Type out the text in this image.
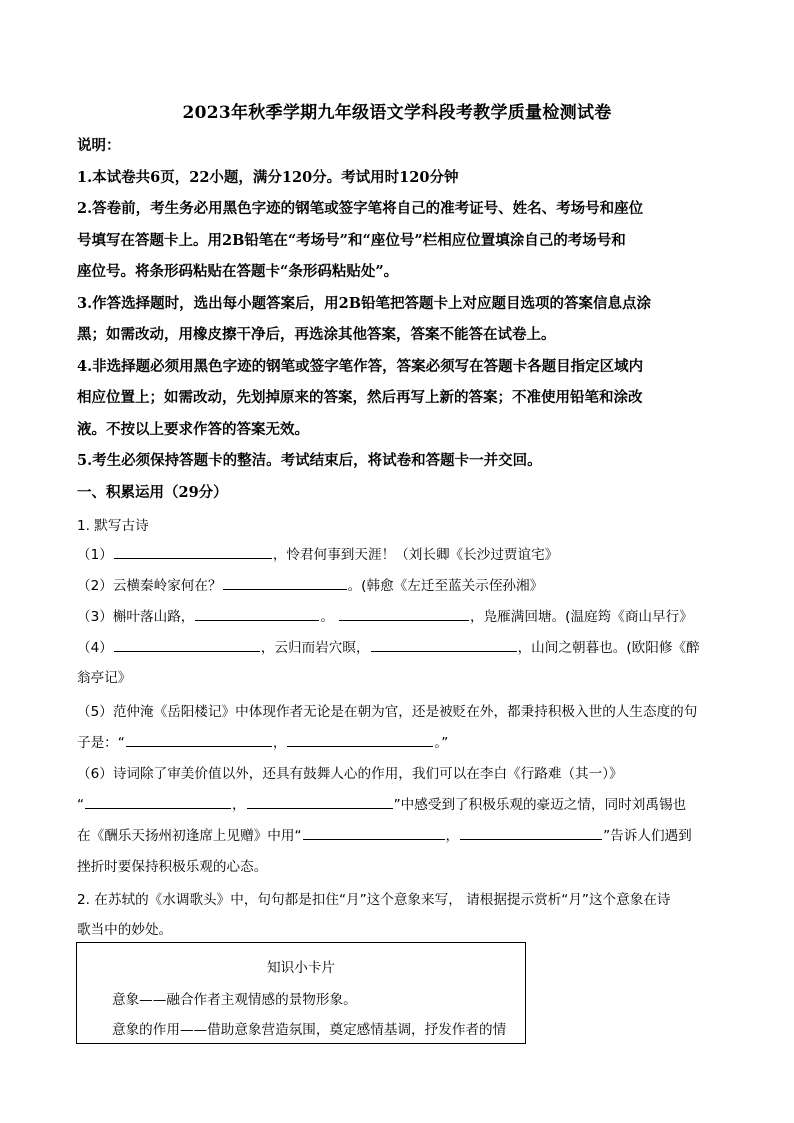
2023年秋季学期九年级语文学科段考教学质量检测试卷
说明：
1.本试卷共6页，22小题，满分120分。考试用时120分钟
2.答卷前，考生务必用黑色字迹的钢笔或签字笔将自己的准考证号、姓名、考场号和座位
号填写在答题卡上。用2B铅笔在“考场号”和“座位号”栏相应位置填涂自己的考场号和
座位号。将条形码粘贴在答题卡“条形码粘贴处”。
3.作答选择题时，选出每小题答案后，用2B铅笔把答题卡上对应题目选项的答案信息点涂
黑；如需改动，用橡皮擦干净后，再选涂其他答案，答案不能答在试卷上。
4.非选择题必须用黑色字迹的钢笔或签字笔作答，答案必须写在答题卡各题目指定区域内
相应位置上；如需改动，先划掉原来的答案，然后再写上新的答案；不准使用铅笔和涂改
液。不按以上要求作答的答案无效。
5.考生必须保持答题卡的整洁。考试结束后，将试卷和答题卡一并交回。
一、积累运用（29分）
1. 默写古诗
（1）	，怜君何事到天涯！（刘长卿《长沙过贾谊宅》
（2）云横秦岭家何在？	。(韩愈《左迁至蓝关示侄孙湘》
（3）槲叶落山路，	。	，凫雁满回塘。(温庭筠《商山早行》
（4）	，云归而岩穴暝，	，山间之朝暮也。(欧阳修《醉
翁亭记》
（5）范仲淹《岳阳楼记》中体现作者无论是在朝为官，还是被贬在外，都秉持积极入世的人生态度的句
子是：“	，	。”
（6）诗词除了审美价值以外，还具有鼓舞人心的作用，我们可以在李白《行路难（其一）》
“	，	”中感受到了积极乐观的豪迈之情，同时刘禹锡也
在《酬乐天扬州初逢席上见赠》中用“	，	”告诉人们遇到
挫折时要保持积极乐观的心态。
2. 在苏轼的《水调歌头》中，句句都是扣住“月”这个意象来写， 请根据提示赏析“月”这个意象在诗
歌当中的妙处。
知识小卡片
意象——融合作者主观情感的景物形象。
意象的作用——借助意象营造氛围，奠定感情基调，抒发作者的情
